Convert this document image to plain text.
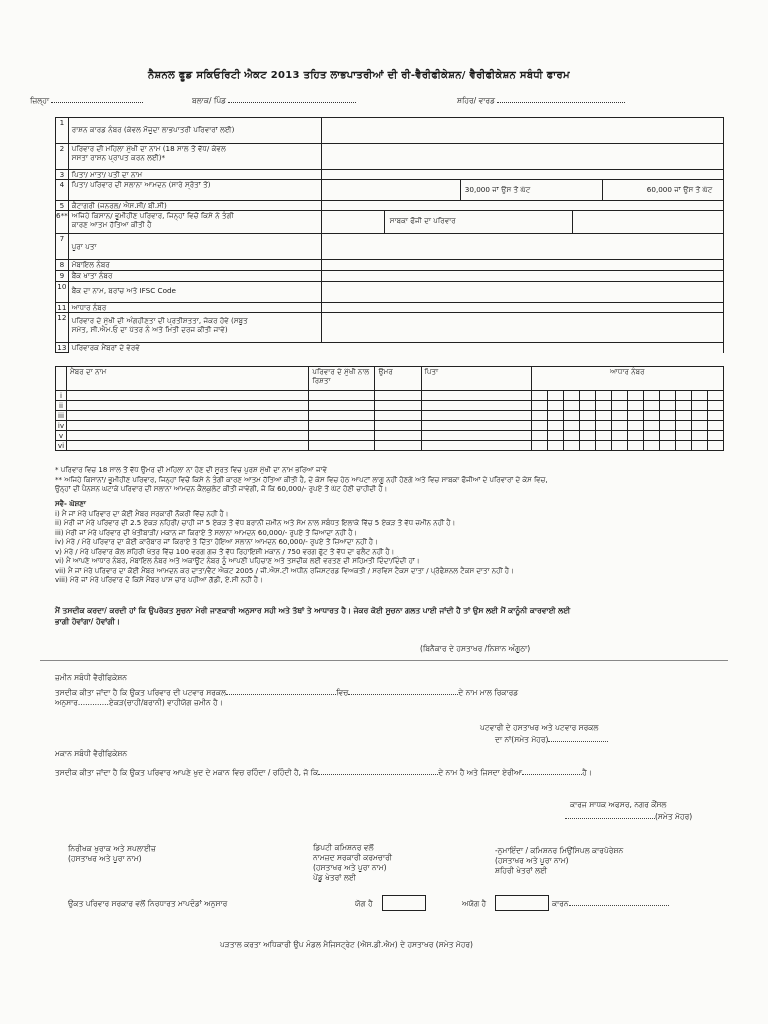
ਨੈਸ਼ਨਲ ਫੂਡ ਸਕਿਓਰਿਟੀ ਐਕਟ 2013 ਤਹਿਤ ਲਾਭਪਾਤਰੀਆਂ ਦੀ ਰੀ-ਵੈਰੀਫੀਕੇਸ਼ਨ/ ਵੈਰੀਫੀਕੇਸ਼ਨ ਸਬੰਧੀ ਫਾਰਮ
ਜ਼ਿਲ੍ਹਾ	ਬਲਾਕ/ ਪਿੰਡ	ਸ਼ਹਿਰ/ ਵਾਰਡ
1	ਰਾਸ਼ਨ ਕਾਰਡ ਨੰਬਰ (ਕੇਵਲ ਮੌਜੂਦਾ ਲਾਭਪਾਤਰੀ ਪਰਿਵਾਰਾਂ ਲਈ)	

2	ਪਰਿਵਾਰ ਦੀ ਮਹਿਲਾ ਮੁੱਖੀ ਦਾ ਨਾਮ (18 ਸਾਲ ਤੋਂ ਵੱਧ/ ਕੇਵਲ
ਸਸਤਾ ਰਾਸ਼ਨ ਪ੍ਰਾਪਤ ਕਰਨ ਲਈ)*	

3	ਪਿਤਾ/ ਮਾਤਾ/ ਪਤੀ ਦਾ ਨਾਮ	
4	ਪਿਤਾ/ ਪਰਿਵਾਰ ਦੀ ਸਲਾਨਾ ਆਮਦਨ (ਸਾਰੇ ਸ੍ਰੋਤਾਂ ਤੋਂ)	30,000 ਜਾਂ ਉਸ ਤੋਂ ਘੱਟ 60,000 ਜਾਂ ਉਸ ਤੋਂ ਘੱਟ

5	ਕੈਟਾਗਰੀ (ਜਨਰਲ/ ਐਸ.ਸੀ/ ਬੀ.ਸੀ)	
6**	ਅਜਿਹੇ ਕਿਸਾਨ/ ਭੂਮੀਹੀਣ ਪਰਿਵਾਰ, ਜਿਨ੍ਹਾਂ ਵਿਚੋਂ ਕਿਸੇ ਨੇ ਤੰਗੀ
ਕਾਰਣ ਆਤਮ ਹੱਤਿਆ ਕੀਤੀ ਹੈ	ਸਾਬਕਾ ਫੌਜੀ ਦਾ ਪਰਿਵਾਰ

7	ਪੂਰਾ ਪਤਾ	

8	ਮੋਬਾਇਲ ਨੰਬਰ	
9	ਬੈਂਕ ਖਾਤਾ ਨੰਬਰ	
10	ਬੈਂਕ ਦਾ ਨਾਮ, ਬਰਾਂਚ ਅਤੇ IFSC Code	

11	ਆਧਾਰ ਨੰਬਰ	
12	ਪਰਿਵਾਰ ਦੇ ਮੁੱਖੀ ਦੀ ਅੰਗਹੀਣਤਾ ਦੀ ਪ੍ਰਤੀਸ਼ਤਤਾ, ਜੇਕਰ ਹੋਵੇ (ਸਬੂਤ
ਸਮੇਤ, ਸੀ.ਐਮ.ਓ ਦਾ ਪੱਤਰ ਨੰ ਅਤੇ ਮਿਤੀ ਦਰਜ ਕੀਤੀ ਜਾਵੇ)	

13	ਪਰਿਵਾਰਕ ਮੈਂਬਰਾਂ ਦੇ ਵੇਰਵੇ	
	ਮੈਂਬਰ ਦਾ ਨਾਮ	ਪਰਿਵਾਰ ਦੇ ਮੁੱਖੀ ਨਾਲ ਰਿਸ਼ਤਾ	ਉਮਰ	ਪਿਤਾ	ਆਧਾਰ ਨੰਬਰ											
i																
ii																
iii																
iv																
v																
vi																
* ਪਰਿਵਾਰ ਵਿਚ 18 ਸਾਲ ਤੋਂ ਵੱਧ ਉਮਰ ਦੀ ਮਹਿਲਾ ਨਾ ਹੋਣ ਦੀ ਸੂਰਤ ਵਿਚ ਪੁਰਸ਼ ਮੁੱਖੀ ਦਾ ਨਾਮ ਭਰਿਆ ਜਾਵੇ
** ਅਜਿਹੇ ਕਿਸਾਨਾਂ/ ਭੂਮੀਹੀਣ ਪਰਿਵਾਰ, ਜਿਨ੍ਹਾਂ ਵਿਚੋਂ ਕਿਸੇ ਨੇ ਤੰਗੀ ਕਾਰਣ ਆਤਮ ਹੱਤਿਆ ਕੀਤੀ ਹੈ, ਦੇ ਕੇਸ ਵਿਚ ਹੇਠ ਆਪਟਾਂ ਲਾਗੂ ਨਹੀਂ ਹੋਣਗੇ ਅਤੇ ਵਿਚ ਸਾਬਕਾ ਫੌਜੀਆਂ ਦੇ ਪਰਿਵਾਰਾਂ ਦੇ ਕੇਸ ਵਿਚ,
ਉਨ੍ਹਾਂ ਦੀ ਪੈਨਸ਼ਨ ਘਟਾਕੇ ਪਰਿਵਾਰ ਦੀ ਸਲਾਨਾ ਆਮਦਨ ਕੈਲਕੁਲੇਟ ਕੀਤੀ ਜਾਵੇਗੀ, ਜੋ ਕਿ 60,000/- ਰੁਪਏ ਤੋਂ ਘੱਟ ਹੋਣੀ ਚਾਹੀਦੀ ਹੈ।
ਸਵੈ- ਘੋਸ਼ਣਾ
i) ਮੈਂ ਜਾਂ ਮੇਰੇ ਪਰਿਵਾਰ ਦਾ ਕੋਈ ਮੈਂਬਰ ਸਰਕਾਰੀ ਨੌਕਰੀ ਵਿੱਚ ਨਹੀਂ ਹੈ।
ii) ਮੇਰੀ ਜਾਂ ਮੇਰੇ ਪਰਿਵਾਰ ਦੀ 2.5 ਏਕੜ ਨਹਿਰੀ/ ਚਾਹੀ ਜਾਂ 5 ਏਕੜ ਤੋਂ ਵੱਧ ਬਰਾਨੀ ਜ਼ਮੀਨ ਅਤੇ ਸੇਮ ਨਾਲ ਸਬੰਧਤ ਇਲਾਕੇ ਵਿੱਚ 5 ਏਕੜ ਤੋਂ ਵੱਧ ਜ਼ਮੀਨ ਨਹੀਂ ਹੈ।
iii) ਮੇਰੀ ਜਾਂ ਮੇਰੇ ਪਰਿਵਾਰ ਦੀ ਖੇਤੀਬਾੜੀ/ ਮਕਾਨ ਜਾਂ ਕਿਰਾਏ ਤੋਂ ਸਲਾਨਾ ਆਮਦਨ 60,000/- ਰੁਪਏ ਤੋਂ ਜ਼ਿਆਦਾ ਨਹੀਂ ਹੈ।
iv) ਮੇਰੇ / ਮੇਰੇ ਪਰਿਵਾਰ ਦਾ ਕੋਈ ਕਾਰੋਬਾਰ ਜਾਂ ਕਿਰਾਏ ਤੇ ਦਿੱਤਾ ਹੋਇਆ ਸਲਾਨਾ ਆਮਦਨ 60,000/- ਰੁਪਏ ਤੋਂ ਜ਼ਿਆਦਾ ਨਹੀਂ ਹੈ।
v) ਮੇਰੇ / ਮੇਰੇ ਪਰਿਵਾਰ ਕੋਲ ਸ਼ਹਿਰੀ ਖੇਤਰ ਵਿੱਚ 100 ਵਰਗ ਗਜ਼ ਤੋਂ ਵੱਧ ਰਿਹਾਇਸ਼ੀ ਮਕਾਨ / 750 ਵਰਗ ਫੁੱਟ ਤੋਂ ਵੱਧ ਦਾ ਫਲੈਟ ਨਹੀਂ ਹੈ।
vi) ਮੈਂ ਆਪਣੇ ਆਧਾਰ ਨੰਬਰ, ਮੋਬਾਇਲ ਨੰਬਰ ਅਤੇ ਅਕਾਊਂਟ ਨੰਬਰ ਨੂੰ ਆਪਣੀ ਪਹਿਚਾਣ ਅਤੇ ਤਸਦੀਕ ਲਈ ਵਰਤਣ ਦੀ ਸਹਿਮਤੀ ਦਿੰਦਾ/ਦਿੰਦੀ ਹਾਂ।
vii) ਮੈਂ ਜਾਂ ਮੇਰੇ ਪਰਿਵਾਰ ਦਾ ਕੋਈ ਮੈਂਬਰ ਆਮਦਨ ਕਰ ਦਾਤਾ/ਵੈਟ ਐਕਟ 2005 / ਜੀ.ਐਸ.ਟੀ ਅਧੀਨ ਰਜਿਸਟਰਡ ਵਿਅਕਤੀ / ਸਰਵਿਸ ਟੈਕਸ ਦਾਤਾ / ਪ੍ਰੋਫੈਸ਼ਨਲ ਟੈਕਸ ਦਾਤਾ ਨਹੀਂ ਹੈ।
viii) ਮੇਰੇ ਜਾਂ ਮੇਰੇ ਪਰਿਵਾਰ ਦੇ ਕਿਸੇ ਮੈਂਬਰ ਪਾਸ ਚਾਰ ਪਹੀਆ ਗੱਡੀ, ਏ.ਸੀ ਨਹੀਂ ਹੈ।
ਮੈਂ ਤਸਦੀਕ ਕਰਦਾ/ ਕਰਦੀ ਹਾਂ ਕਿ ਉਪਰੋਕਤ ਸੂਚਨਾ ਮੇਰੀ ਜਾਣਕਾਰੀ ਅਨੁਸਾਰ ਸਹੀ ਅਤੇ ਤੱਥਾਂ ਤੇ ਆਧਾਰਤ ਹੈ। ਜੇਕਰ ਕੋਈ ਸੂਚਨਾ ਗਲਤ ਪਾਈ ਜਾਂਦੀ ਹੈ ਤਾਂ ਉਸ ਲਈ ਮੈਂ ਕਾਨੂੰਨੀ ਕਾਰਵਾਈ ਲਈ
ਭਾਗੀ ਹੋਵਾਂਗਾ/ ਹੋਵਾਂਗੀ।
(ਬਿਨੈਕਾਰ ਦੇ ਹਸਤਾਖਰ /ਨਿਸ਼ਾਨ ਅੰਗੂਠਾ)
ਜ਼ਮੀਨ ਸਬੰਧੀ ਵੈਰੀਫਿਕੇਸ਼ਨ
ਤਸਦੀਕ ਕੀਤਾ ਜਾਂਦਾ ਹੈ ਕਿ ਉਕਤ ਪਰਿਵਾਰ ਦੀ ਪਟਵਾਰ ਸਰਕਲ	ਵਿਚ	ਦੇ ਨਾਮ ਮਾਲ ਰਿਕਾਰਡ
ਅਨੁਸਾਰ.............ਏਕੜ(ਚਾਹੀ/ਬਰਾਨੀ) ਵਾਹੀਯੋਗ ਜ਼ਮੀਨ ਹੈ।
ਪਟਵਾਰੀ ਦੇ ਹਸਤਾਖਰ ਅਤੇ ਪਟਵਾਰ ਸਰਕਲ
ਦਾ ਨਾਂ(ਸਮੇਤ ਮੋਹਰ)
ਮਕਾਨ ਸਬੰਧੀ ਵੈਰੀਫਿਕੇਸ਼ਨ
ਤਸਦੀਕ ਕੀਤਾ ਜਾਂਦਾ ਹੈ ਕਿ ਉਕਤ ਪਰਿਵਾਰ ਆਪਣੇ ਖੁਦ ਦੇ ਮਕਾਨ ਵਿਚ ਰਹਿੰਦਾ / ਰਹਿੰਦੀ ਹੈ, ਜੋ ਕਿ	ਦੇ ਨਾਮ ਹੈ ਅਤੇ ਜਿਸਦਾ ਏਰੀਆ	ਹੈ।
ਕਾਰਜ ਸਾਧਕ ਅਫਸਰ, ਨਗਰ ਕੌਂਸਲ
(ਸਮੇਤ ਮੋਹਰ)
ਨਿਰੀਖਕ ਖੁਰਾਕ ਅਤੇ ਸਪਲਾਈਜ਼
(ਹਸਤਾਖਰ ਅਤੇ ਪੂਰਾ ਨਾਮ)
ਡਿਪਟੀ ਕਮਿਸ਼ਨਰ ਵਲੋਂ
ਨਾਮਜ਼ਦ ਸਰਕਾਰੀ ਕਰਮਚਾਰੀ
(ਹਸਤਾਖਰ ਅਤੇ ਪੂਰਾ ਨਾਮ)
ਪੇਂਡੂ ਖੇਤਰਾਂ ਲਈ
-ਨੁਮਾਇੰਦਾ / ਕਮਿਸ਼ਨਰ ਮਿਉਂਸਿਪਲ ਕਾਰਪੋਰੇਸ਼ਨ
(ਹਸਤਾਖਰ ਅਤੇ ਪੂਰਾ ਨਾਮ)
ਸ਼ਹਿਰੀ ਖੇਤਰਾਂ ਲਈ
ਉਕਤ ਪਰਿਵਾਰ ਸਰਕਾਰ ਵਲੋਂ ਨਿਰਧਾਰਤ ਮਾਪਦੰਡਾਂ ਅਨੁਸਾਰ	ਯੋਗ ਹੈ	ਅਯੋਗ ਹੈ	ਕਾਰਨ
ਪੜਤਾਲ ਕਰਤਾ ਅਧਿਕਾਰੀ ਉਪ ਮੰਡਲ ਮੈਜਿਸਟ੍ਰੇਟ (ਐਸ.ਡੀ.ਐਮ) ਦੇ ਹਸਤਾਖਰ (ਸਮੇਤ ਮੋਹਰ)
